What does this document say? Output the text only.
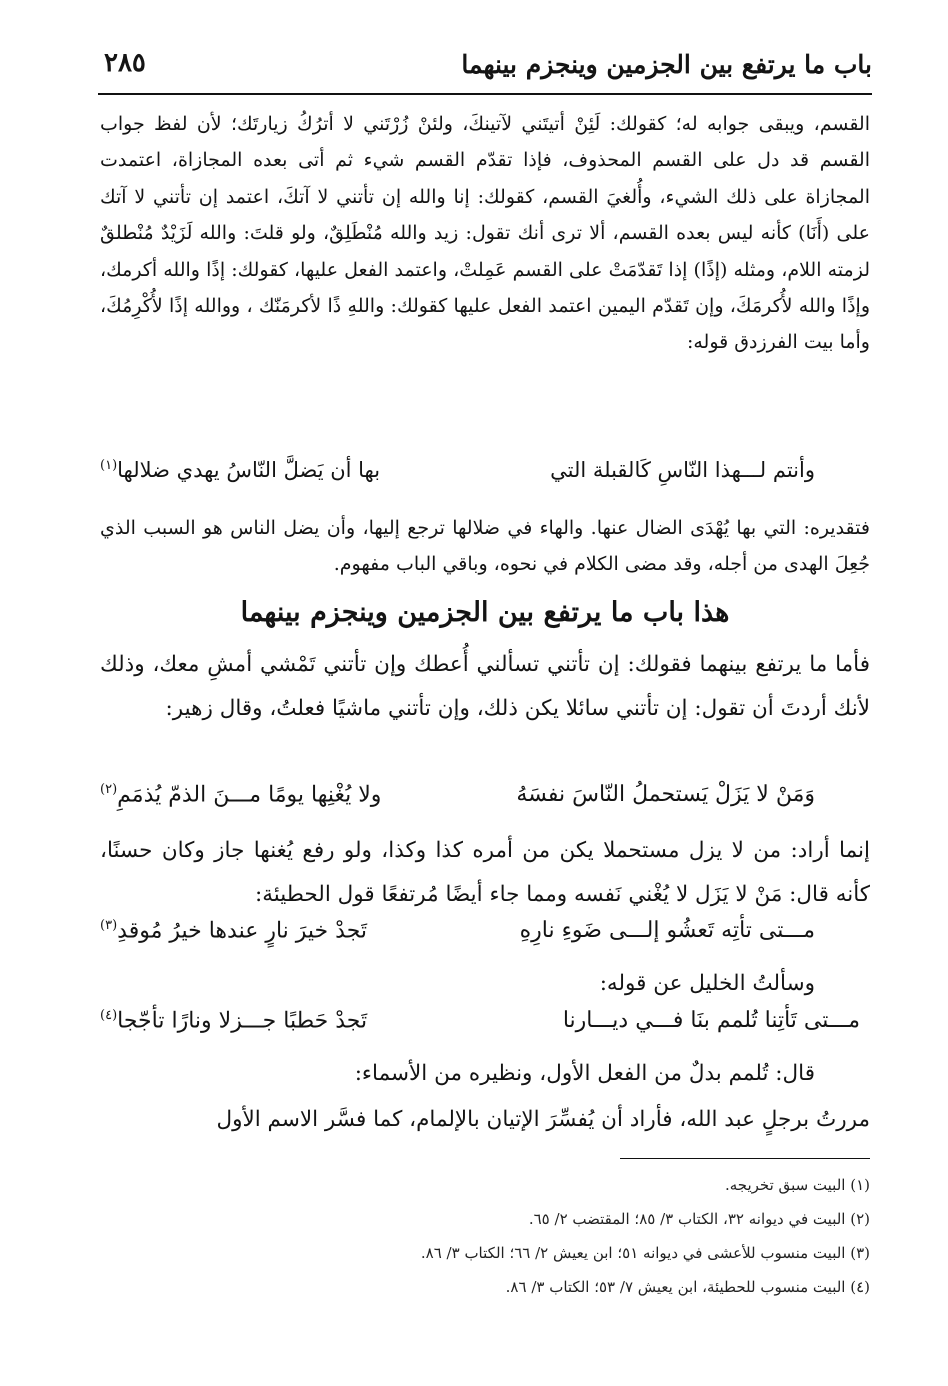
باب ما يرتفع بين الجزمين وينجزم بينهما
٢٨٥
القسم، ويبقى جوابه له؛ كقولك: لَئِنْ أتيتَني لآتينكَ، ولئنْ زُرْتَني لا أترُكُ زيارتَك؛ لأن لفظ جواب القسم قد دل على القسم المحذوف، فإذا تقدّم القسم شيء ثم أتى بعده المجازاة، اعتمدت المجازاة على ذلك الشيء، وأُلغيَ القسم، كقولك: إنا والله إن تأتني لا آتكَ، اعتمد إن تأتني لا آتك على (أَنَا) كأنه ليس بعده القسم، ألا ترى أنك تقول: زيد والله مُنْطَلِقٌ، ولو قلتَ: والله لَزَيْدٌ مُنْطلقٌ لزمته اللام، ومثله (إذًا) إذا تَقدّمَتْ على القسم عَمِلتْ، واعتمد الفعل عليها، كقولك: إذًا والله أكرمك، وإذًا والله لأُكرمَكَ، وإن تَقدّم اليمين اعتمد الفعل عليها كقولك: واللهِ ذًا لأكرمَنّك ، ووالله إذًا لأُكْرِمُكَ، وأما بيت الفرزدق قوله:
وأنتم لـــهذا النّاسِ كَالقبلة التي
بها أن يَضلَّ النّاسُ يهدي ضلالها$^{(١)}$
فتقديره: التي بها يُهْدَى الضال عنها. والهاء في ضلالها ترجع إليها، وأن يضل الناس هو السبب الذي جُعِلَ الهدى من أجله، وقد مضى الكلام في نحوه، وباقي الباب مفهوم.
هذا باب ما يرتفع بين الجزمين وينجزم بينهما
فأما ما يرتفع بينهما فقولك: إن تأتني تسألني أُعطك وإن تأتني تَمْشي أمشِ معك، وذلك لأنك أردتَ أن تقول: إن تأتني سائلا يكن ذلك، وإن تأتني ماشيًا فعلتُ، وقال زهير:
وَمَنْ لا يَزَلْ يَستحملُ النّاسَ نفسَهُ
ولا يُغْنِها يومًا مـــنَ الذمّ يُذمَمِ$^{(٢)}$
إنما أراد: من لا يزل مستحملا يكن من أمره كذا وكذا، ولو رفع يُغنها جاز وكان حسنًا، كأنه قال: مَنْ لا يَزَل لا يُغْني نَفسه ومما جاء أيضًا مُرتفعًا قول الحطيئة:
مـــتى تأتِه تَعشُو إلـــى ضَوءِ نارِهِ
تَجدْ خيرَ نارٍ عندها خيرُ مُوقدِ$^{(٣)}$
وسألتُ الخليل عن قوله:
مـــتى تَأتِنا تُلمم بنَا فـــي ديـــارنا
تَجدْ حَطبًا جـــزلا ونارًا تأجّجا$^{(٤)}$
قال: تُلمم بدلٌ من الفعل الأول، ونظيره من الأسماء:
مررتُ برجلٍ عبد الله، فأراد أن يُفسِّرَ الإتيان بالإلمام، كما فسَّر الاسم الأول
(١) البيت سبق تخريجه.
(٢) البيت في ديوانه ٣٢، الكتاب ٣/ ٨٥؛ المقتضب ٢/ ٦٥.
(٣) البيت منسوب للأعشى في ديوانه ٥١؛ ابن يعيش ٢/ ٦٦؛ الكتاب ٣/ ٨٦.
(٤) البيت منسوب للحطيئة، ابن يعيش ٧/ ٥٣؛ الكتاب ٣/ ٨٦.
